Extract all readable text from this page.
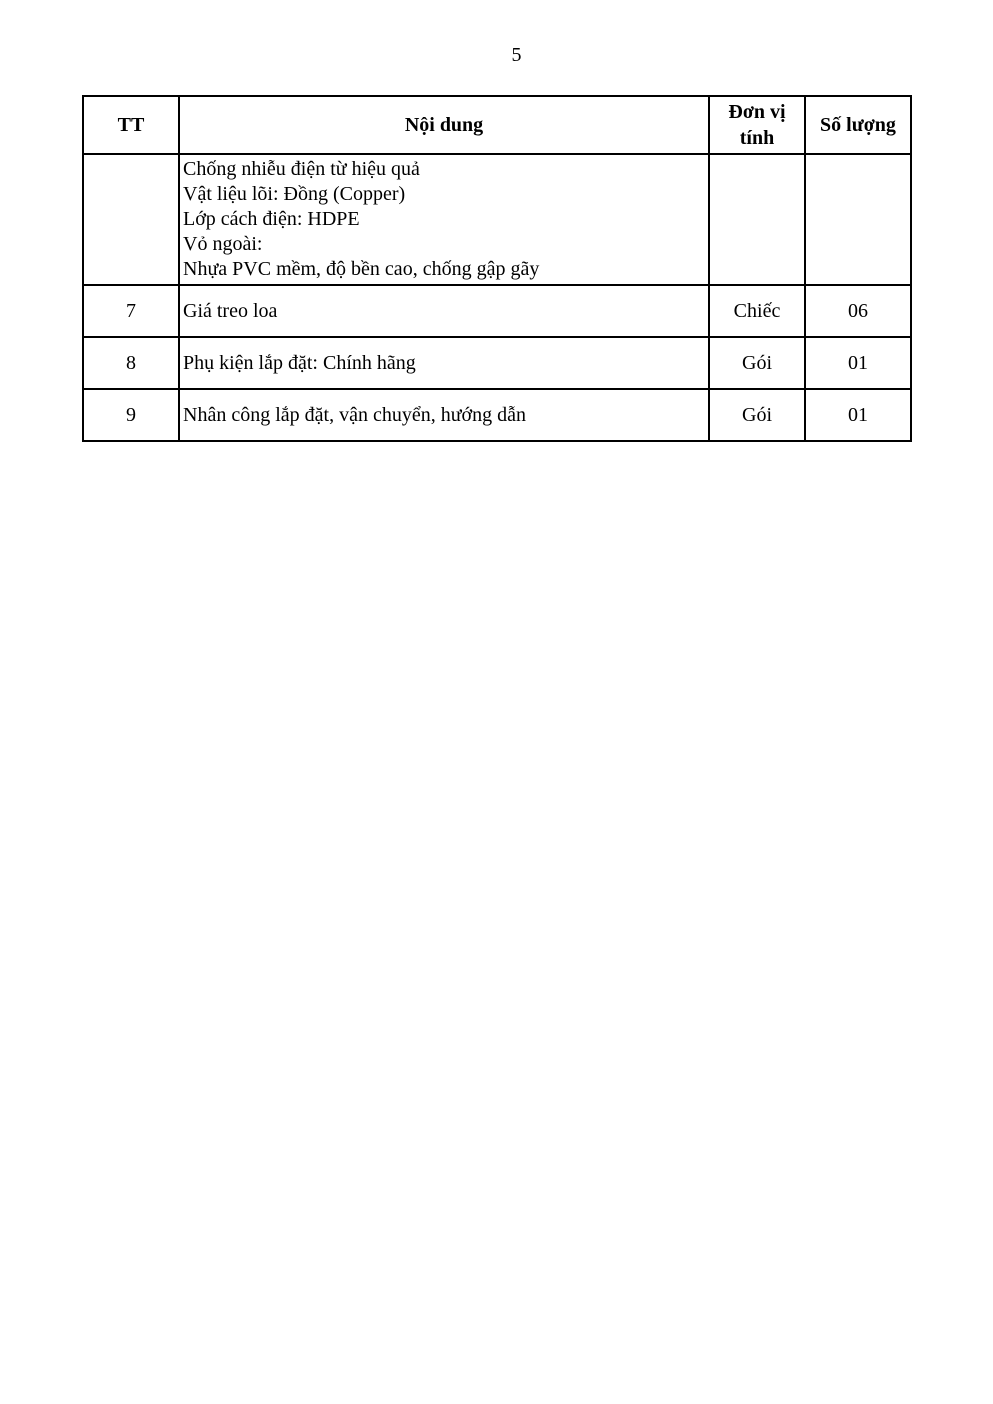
5
TT	Nội dung	Đơn vị tính	Số lượng

	Chống nhiễu điện từ hiệu quả
Vật liệu lõi: Đồng (Copper)
Lớp cách điện: HDPE
Vỏ ngoài:
Nhựa PVC mềm, độ bền cao, chống gập gãy		

7	Giá treo loa	Chiếc	06
8	Phụ kiện lắp đặt: Chính hãng	Gói	01
9	Nhân công lắp đặt, vận chuyển, hướng dẫn	Gói	01
